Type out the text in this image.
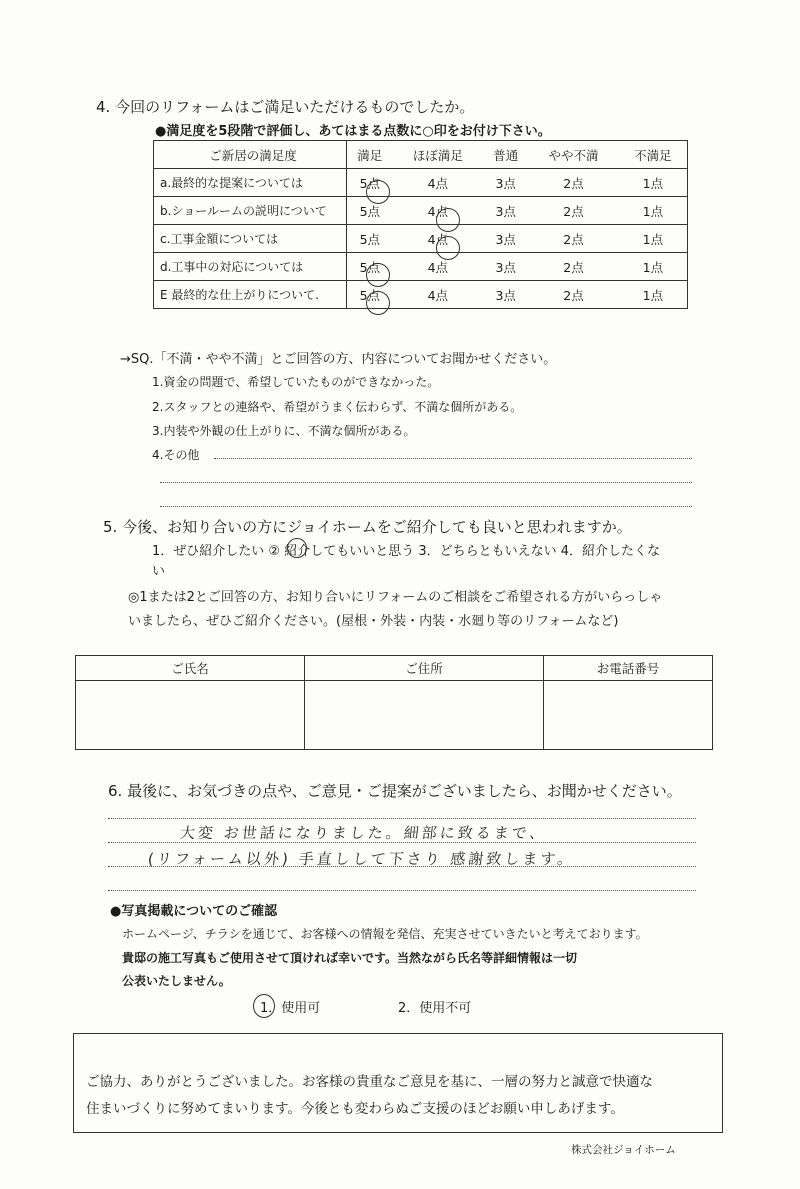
4. 今回のリフォームはご満足いただけるものでしたか。
●満足度を5段階で評価し、あてはまる点数に○印をお付け下さい。
ご新居の満足度	満足	ほぼ満足	普通	やや不満	不満足
a.最終的な提案については	5点	4点	3点	2点	1点
b.ショールームの説明について	5点	4点	3点	2点	1点
c.工事金額については	5点	4点	3点	2点	1点
d.工事中の対応については	5点	4点	3点	2点	1点
E 最終的な仕上がりについて.	5点	4点	3点	2点	1点
→SQ.「不満・やや不満」とご回答の方、内容についてお聞かせください。
1.資金の問題で、希望していたものができなかった。
2.スタッフとの連絡や、希望がうまく伝わらず、不満な個所がある。
3.内装や外観の仕上がりに、不満な個所がある。
4.その他
5. 今後、お知り合いの方にジョイホームをご紹介しても良いと思われますか。
1．ぜひ紹介したい ② 紹介してもいいと思う 3．どちらともいえない 4．紹介したくな
い
◎1または2とご回答の方、お知り合いにリフォームのご相談をご希望される方がいらっしゃ
いましたら、ぜひご紹介ください。(屋根・外装・内装・水廻り等のリフォームなど)
ご氏名	ご住所	お電話番号

6. 最後に、お気づきの点や、ご意見・ご提案がございましたら、お聞かせください。
大変 お世話になりました。細部に致るまで、
(リフォーム以外) 手直しして下さり 感謝致します。
●写真掲載についてのご確認
ホームページ、チラシを通じて、お客様への情報を発信、充実させていきたいと考えております。
貴邸の施工写真もご使用させて頂ければ幸いです。当然ながら氏名等詳細情報は一切
公表いたしません。
1．使用可	2．使用不可
ご協力、ありがとうございました。お客様の貴重なご意見を基に、一層の努力と誠意で快適な
住まいづくりに努めてまいります。今後とも変わらぬご支援のほどお願い申しあげます。
株式会社ジョイホーム
